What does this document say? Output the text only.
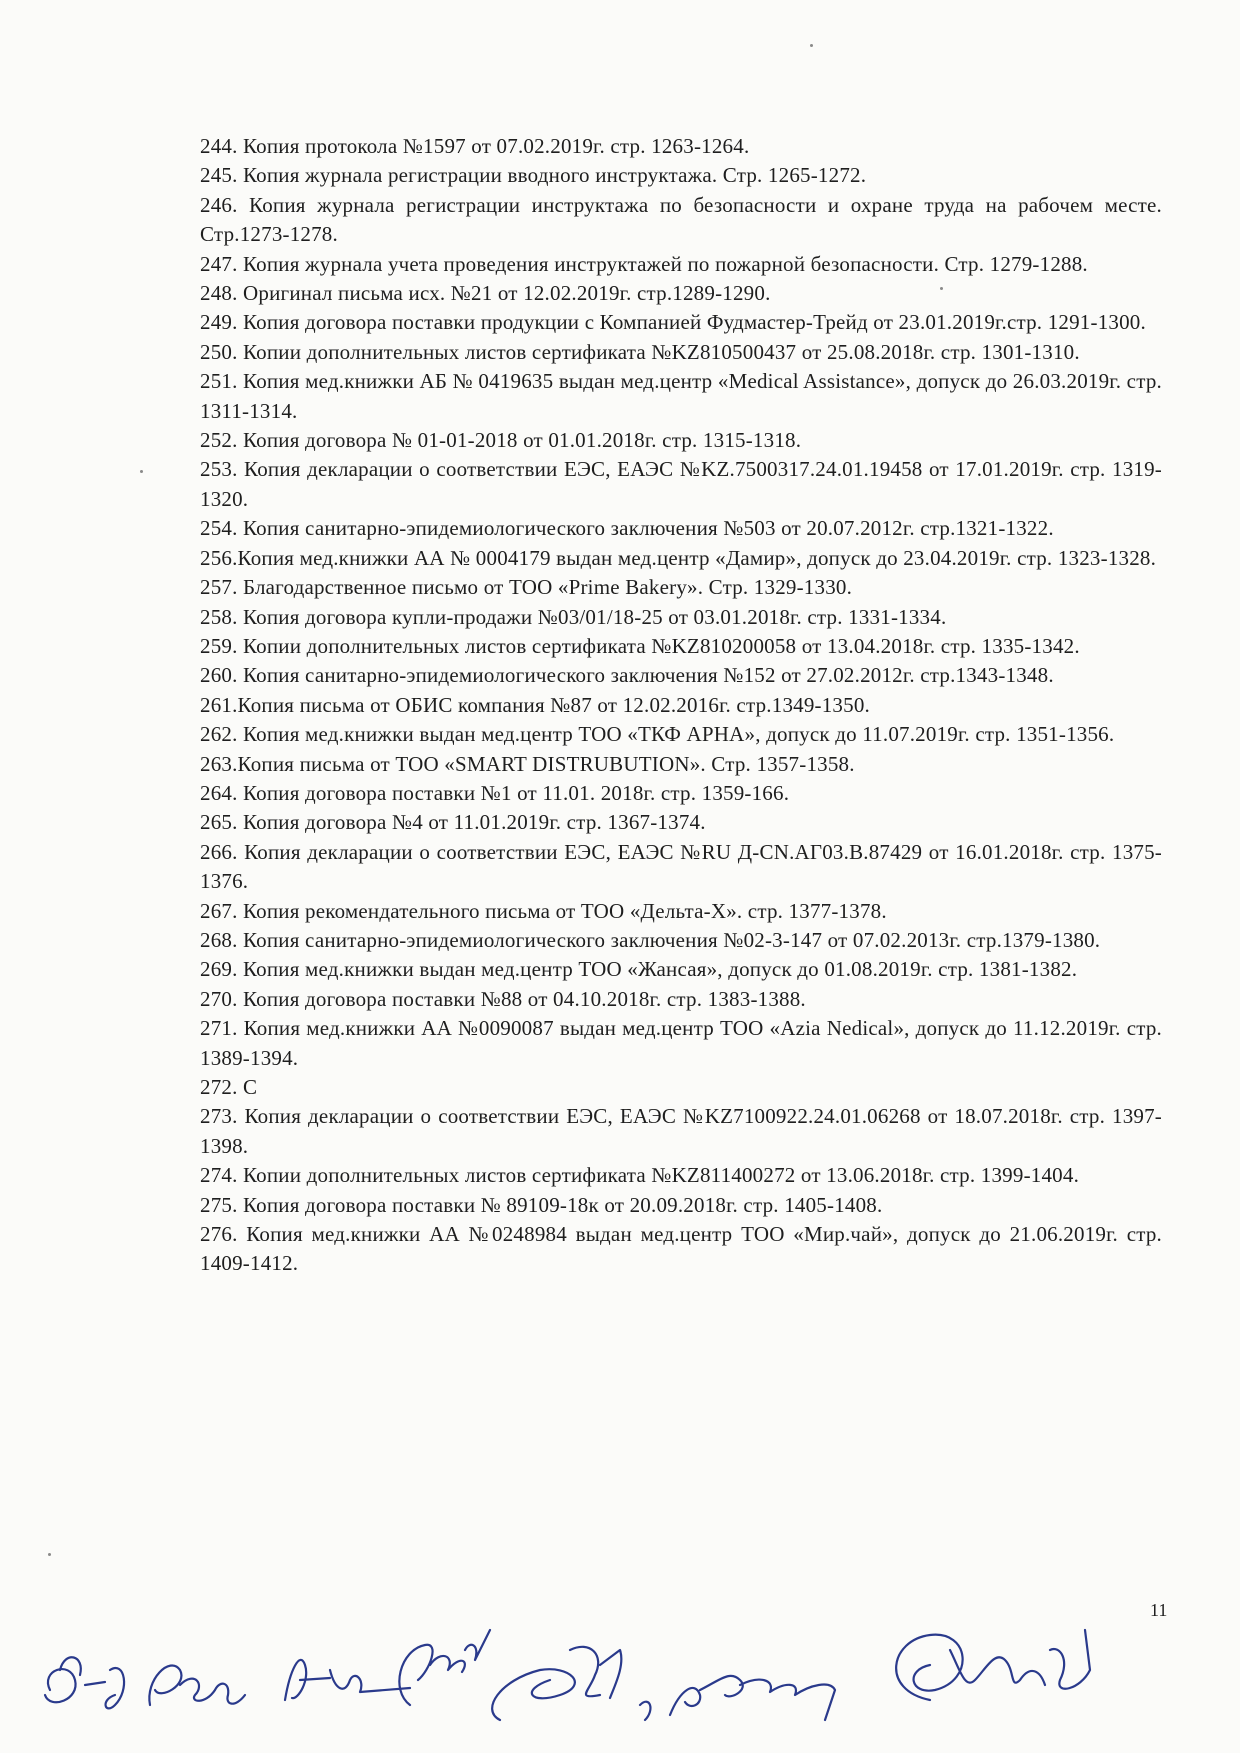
244. Копия протокола №1597 от 07.02.2019г. стр. 1263-1264.

245. Копия журнала регистрации вводного инструктажа. Стр. 1265-1272.

246. Копия журнала регистрации инструктажа по безопасности и охране труда на рабочем месте. Стр.1273-1278.

247. Копия журнала учета проведения инструктажей по пожарной безопасности. Стр. 1279-1288.

248. Оригинал письма исх. №21 от 12.02.2019г. стр.1289-1290.

249. Копия договора поставки продукции с Компанией Фудмастер-Трейд от 23.01.2019г.стр. 1291-1300.

250. Копии дополнительных листов сертификата №KZ810500437 от 25.08.2018г. стр. 1301-1310.

251. Копия мед.книжки АБ № 0419635 выдан мед.центр «Medical Assistance», допуск до 26.03.2019г. стр. 1311-1314.

252. Копия договора № 01-01-2018 от 01.01.2018г. стр. 1315-1318.

253. Копия декларации о соответствии ЕЭС, ЕАЭС №KZ.7500317.24.01.19458 от 17.01.2019г. стр. 1319-1320.

254. Копия санитарно-эпидемиологического заключения №503 от 20.07.2012г. стр.1321-1322.

256.Копия мед.книжки АА № 0004179 выдан мед.центр «Дамир», допуск до 23.04.2019г. стр. 1323-1328.

257. Благодарственное письмо от ТОО «Prime Bakery». Стр. 1329-1330.

258. Копия договора купли-продажи №03/01/18-25 от 03.01.2018г. стр. 1331-1334.

259. Копии дополнительных листов сертификата №KZ810200058 от 13.04.2018г. стр. 1335-1342.

260. Копия санитарно-эпидемиологического заключения №152 от 27.02.2012г. стр.1343-1348.

261.Копия письма от ОБИС компания №87 от 12.02.2016г. стр.1349-1350.

262. Копия мед.книжки выдан мед.центр ТОО «ТКФ АРНА», допуск до 11.07.2019г. стр. 1351-1356.

263.Копия письма от ТОО «SMART DISTRUBUTION». Стр. 1357-1358.

264. Копия договора поставки №1 от 11.01. 2018г. стр. 1359-166.

265. Копия договора №4 от 11.01.2019г. стр. 1367-1374.

266. Копия декларации о соответствии ЕЭС, ЕАЭС №RU Д-CN.АГ03.В.87429 от 16.01.2018г. стр. 1375-1376.

267. Копия рекомендательного письма от ТОО «Дельта-Х». стр. 1377-1378.

268. Копия санитарно-эпидемиологического заключения №02-3-147 от 07.02.2013г. стр.1379-1380.

269. Копия мед.книжки выдан мед.центр ТОО «Жансая», допуск до 01.08.2019г. стр. 1381-1382.

270. Копия договора поставки №88 от 04.10.2018г. стр. 1383-1388.

271. Копия мед.книжки АА №0090087 выдан мед.центр ТОО «Azia Nedical», допуск до 11.12.2019г. стр. 1389-1394.

272. С

273. Копия декларации о соответствии ЕЭС, ЕАЭС №KZ7100922.24.01.06268 от 18.07.2018г. стр. 1397-1398.

274. Копии дополнительных листов сертификата №KZ811400272 от 13.06.2018г. стр. 1399-1404.

275. Копия договора поставки № 89109-18к от 20.09.2018г. стр. 1405-1408.

276. Копия мед.книжки АА №0248984 выдан мед.центр ТОО «Мир.чай», допуск до 21.06.2019г. стр. 1409-1412.

11
